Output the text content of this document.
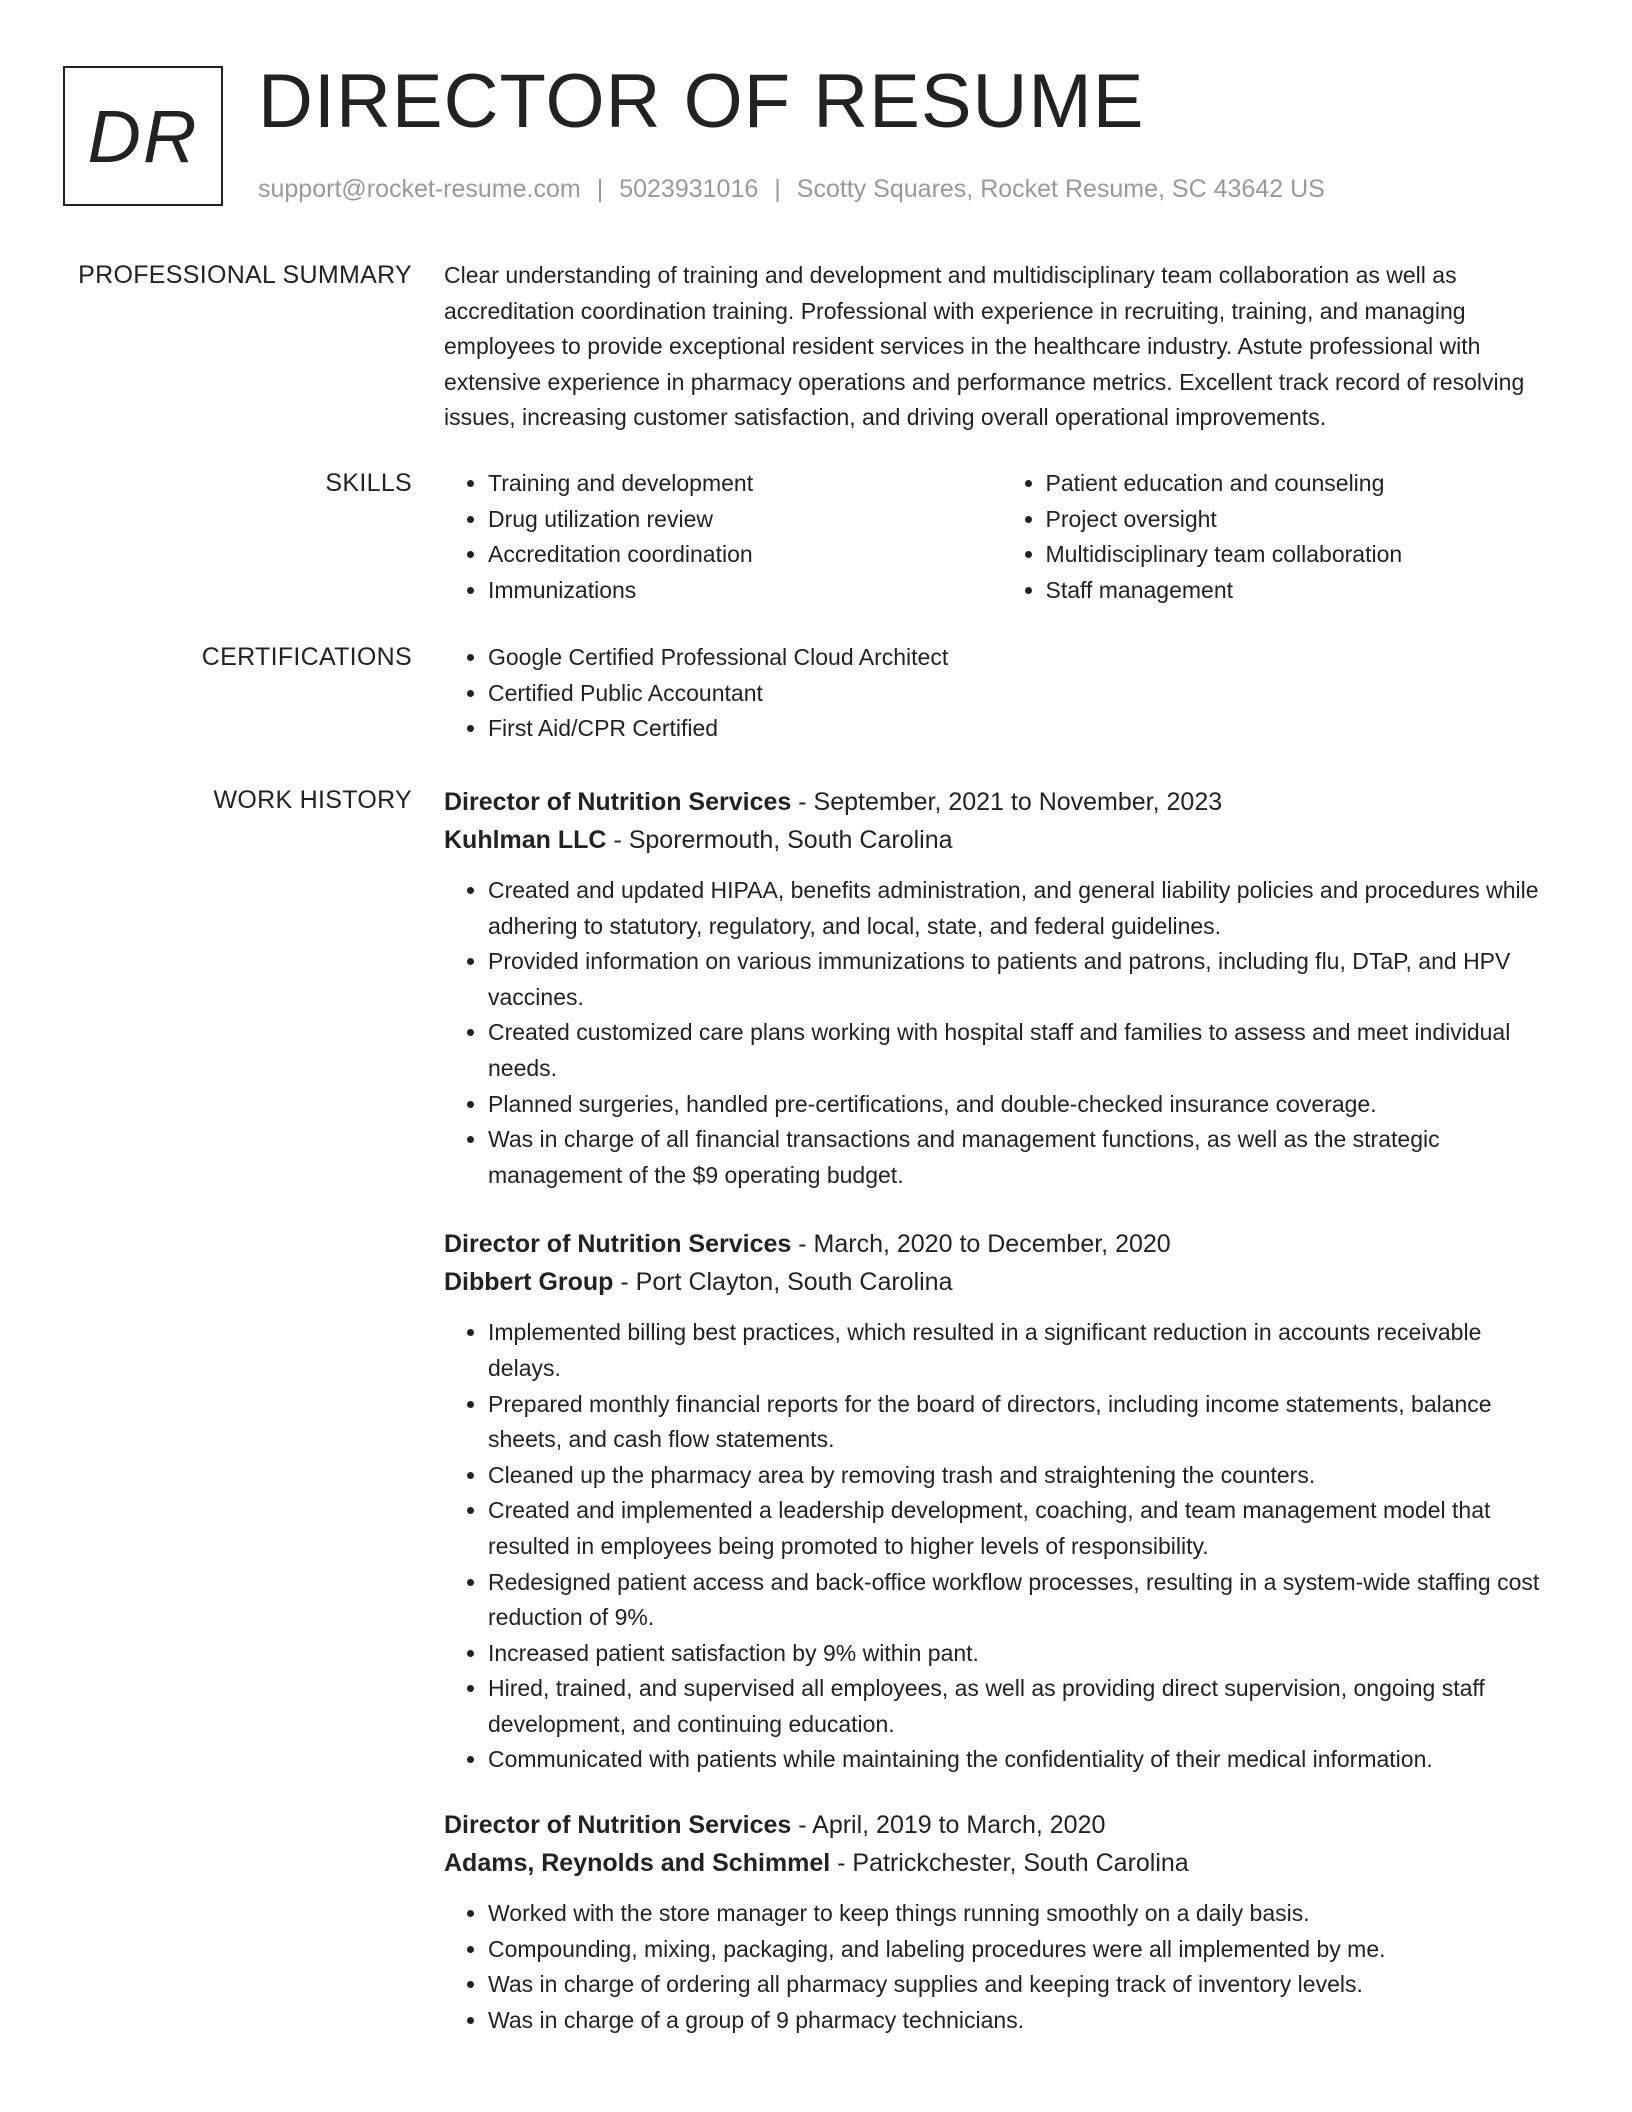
DR DIRECTOR OF RESUME
support@rocket-resume.com | 5023931016 | Scotty Squares, Rocket Resume, SC 43642 US
PROFESSIONAL SUMMARY Clear understanding of training and development and multidisciplinary team collaboration as well as accreditation coordination training. Professional with experience in recruiting, training, and managing employees to provide exceptional resident services in the healthcare industry. Astute professional with extensive experience in pharmacy operations and performance metrics. Excellent track record of resolving issues, increasing customer satisfaction, and driving overall operational improvements.
SKILLS	• Training and development
• Drug utilization review
• Accreditation coordination
• Immunizations
• Patient education and counseling
• Project oversight
• Multidisciplinary team collaboration
• Staff management
CERTIFICATIONS	• Google Certified Professional Cloud Architect
• Certified Public Accountant
• First Aid/CPR Certified
WORK HISTORY Director of Nutrition Services - September, 2021 to November, 2023
Kuhlman LLC - Sporermouth, South Carolina
• Created and updated HIPAA, benefits administration, and general liability policies and procedures while adhering to statutory, regulatory, and local, state, and federal guidelines.
• Provided information on various immunizations to patients and patrons, including flu, DTaP, and HPV vaccines.
• Created customized care plans working with hospital staff and families to assess and meet individual needs.
• Planned surgeries, handled pre-certifications, and double-checked insurance coverage.
• Was in charge of all financial transactions and management functions, as well as the strategic management of the $9 operating budget.
Director of Nutrition Services - March, 2020 to December, 2020
Dibbert Group - Port Clayton, South Carolina
• Implemented billing best practices, which resulted in a significant reduction in accounts receivable delays.
• Prepared monthly financial reports for the board of directors, including income statements, balance sheets, and cash flow statements.
• Cleaned up the pharmacy area by removing trash and straightening the counters.
• Created and implemented a leadership development, coaching, and team management model that resulted in employees being promoted to higher levels of responsibility.
• Redesigned patient access and back-office workflow processes, resulting in a system-wide staffing cost reduction of 9%.
• Increased patient satisfaction by 9% within pant.
• Hired, trained, and supervised all employees, as well as providing direct supervision, ongoing staff development, and continuing education.
• Communicated with patients while maintaining the confidentiality of their medical information.
Director of Nutrition Services - April, 2019 to March, 2020
Adams, Reynolds and Schimmel - Patrickchester, South Carolina
• Worked with the store manager to keep things running smoothly on a daily basis.
• Compounding, mixing, packaging, and labeling procedures were all implemented by me.
• Was in charge of ordering all pharmacy supplies and keeping track of inventory levels.
• Was in charge of a group of 9 pharmacy technicians.
